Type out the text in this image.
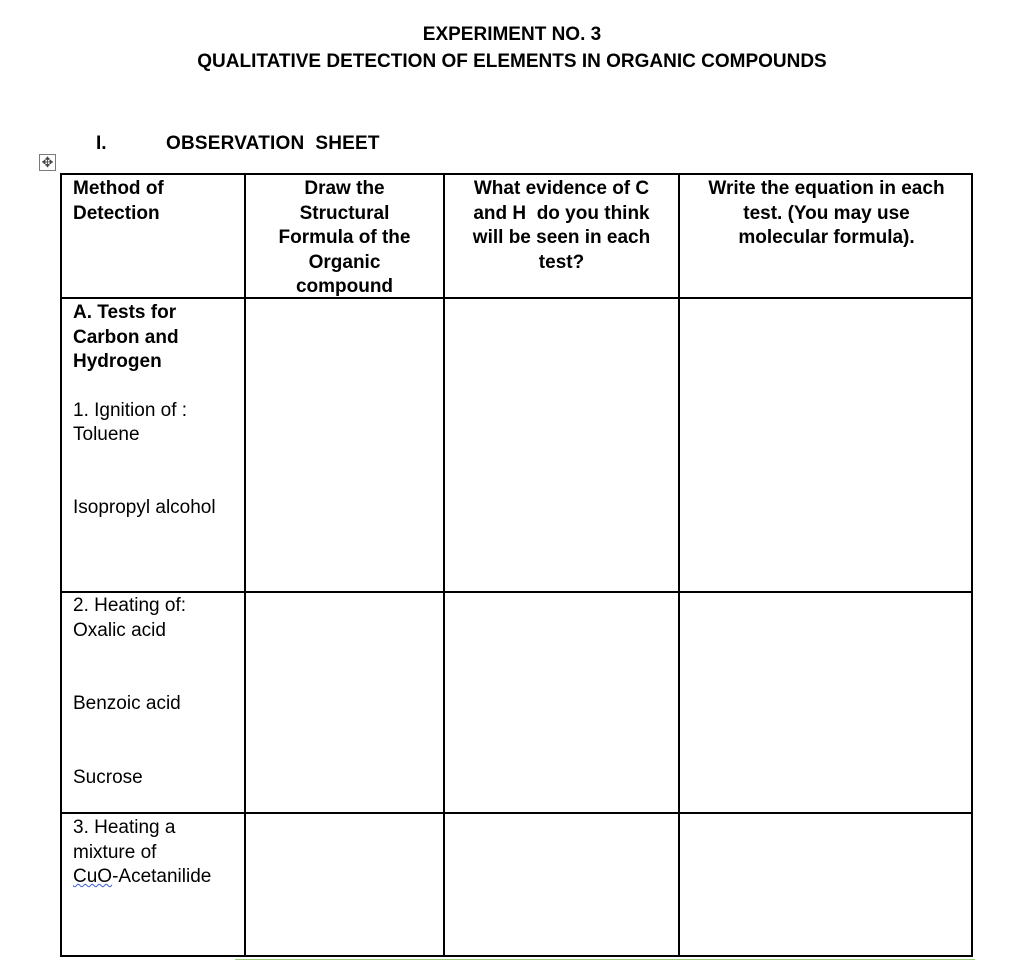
EXPERIMENT NO. 3
QUALITATIVE DETECTION OF ELEMENTS IN ORGANIC COMPOUNDS
I.	OBSERVATION  SHEET
✥
Method of
Detection
Draw the
Structural
Formula of the
Organic
compound
What evidence of C
and H  do you think
will be seen in each
test?
Write the equation in each
test. (You may use
molecular formula).
A. Tests for
Carbon and
Hydrogen
1. Ignition of :
Toluene
Isopropyl alcohol
2. Heating of:
Oxalic acid
Benzoic acid
Sucrose
3. Heating a
mixture of
CuO-Acetanilide
